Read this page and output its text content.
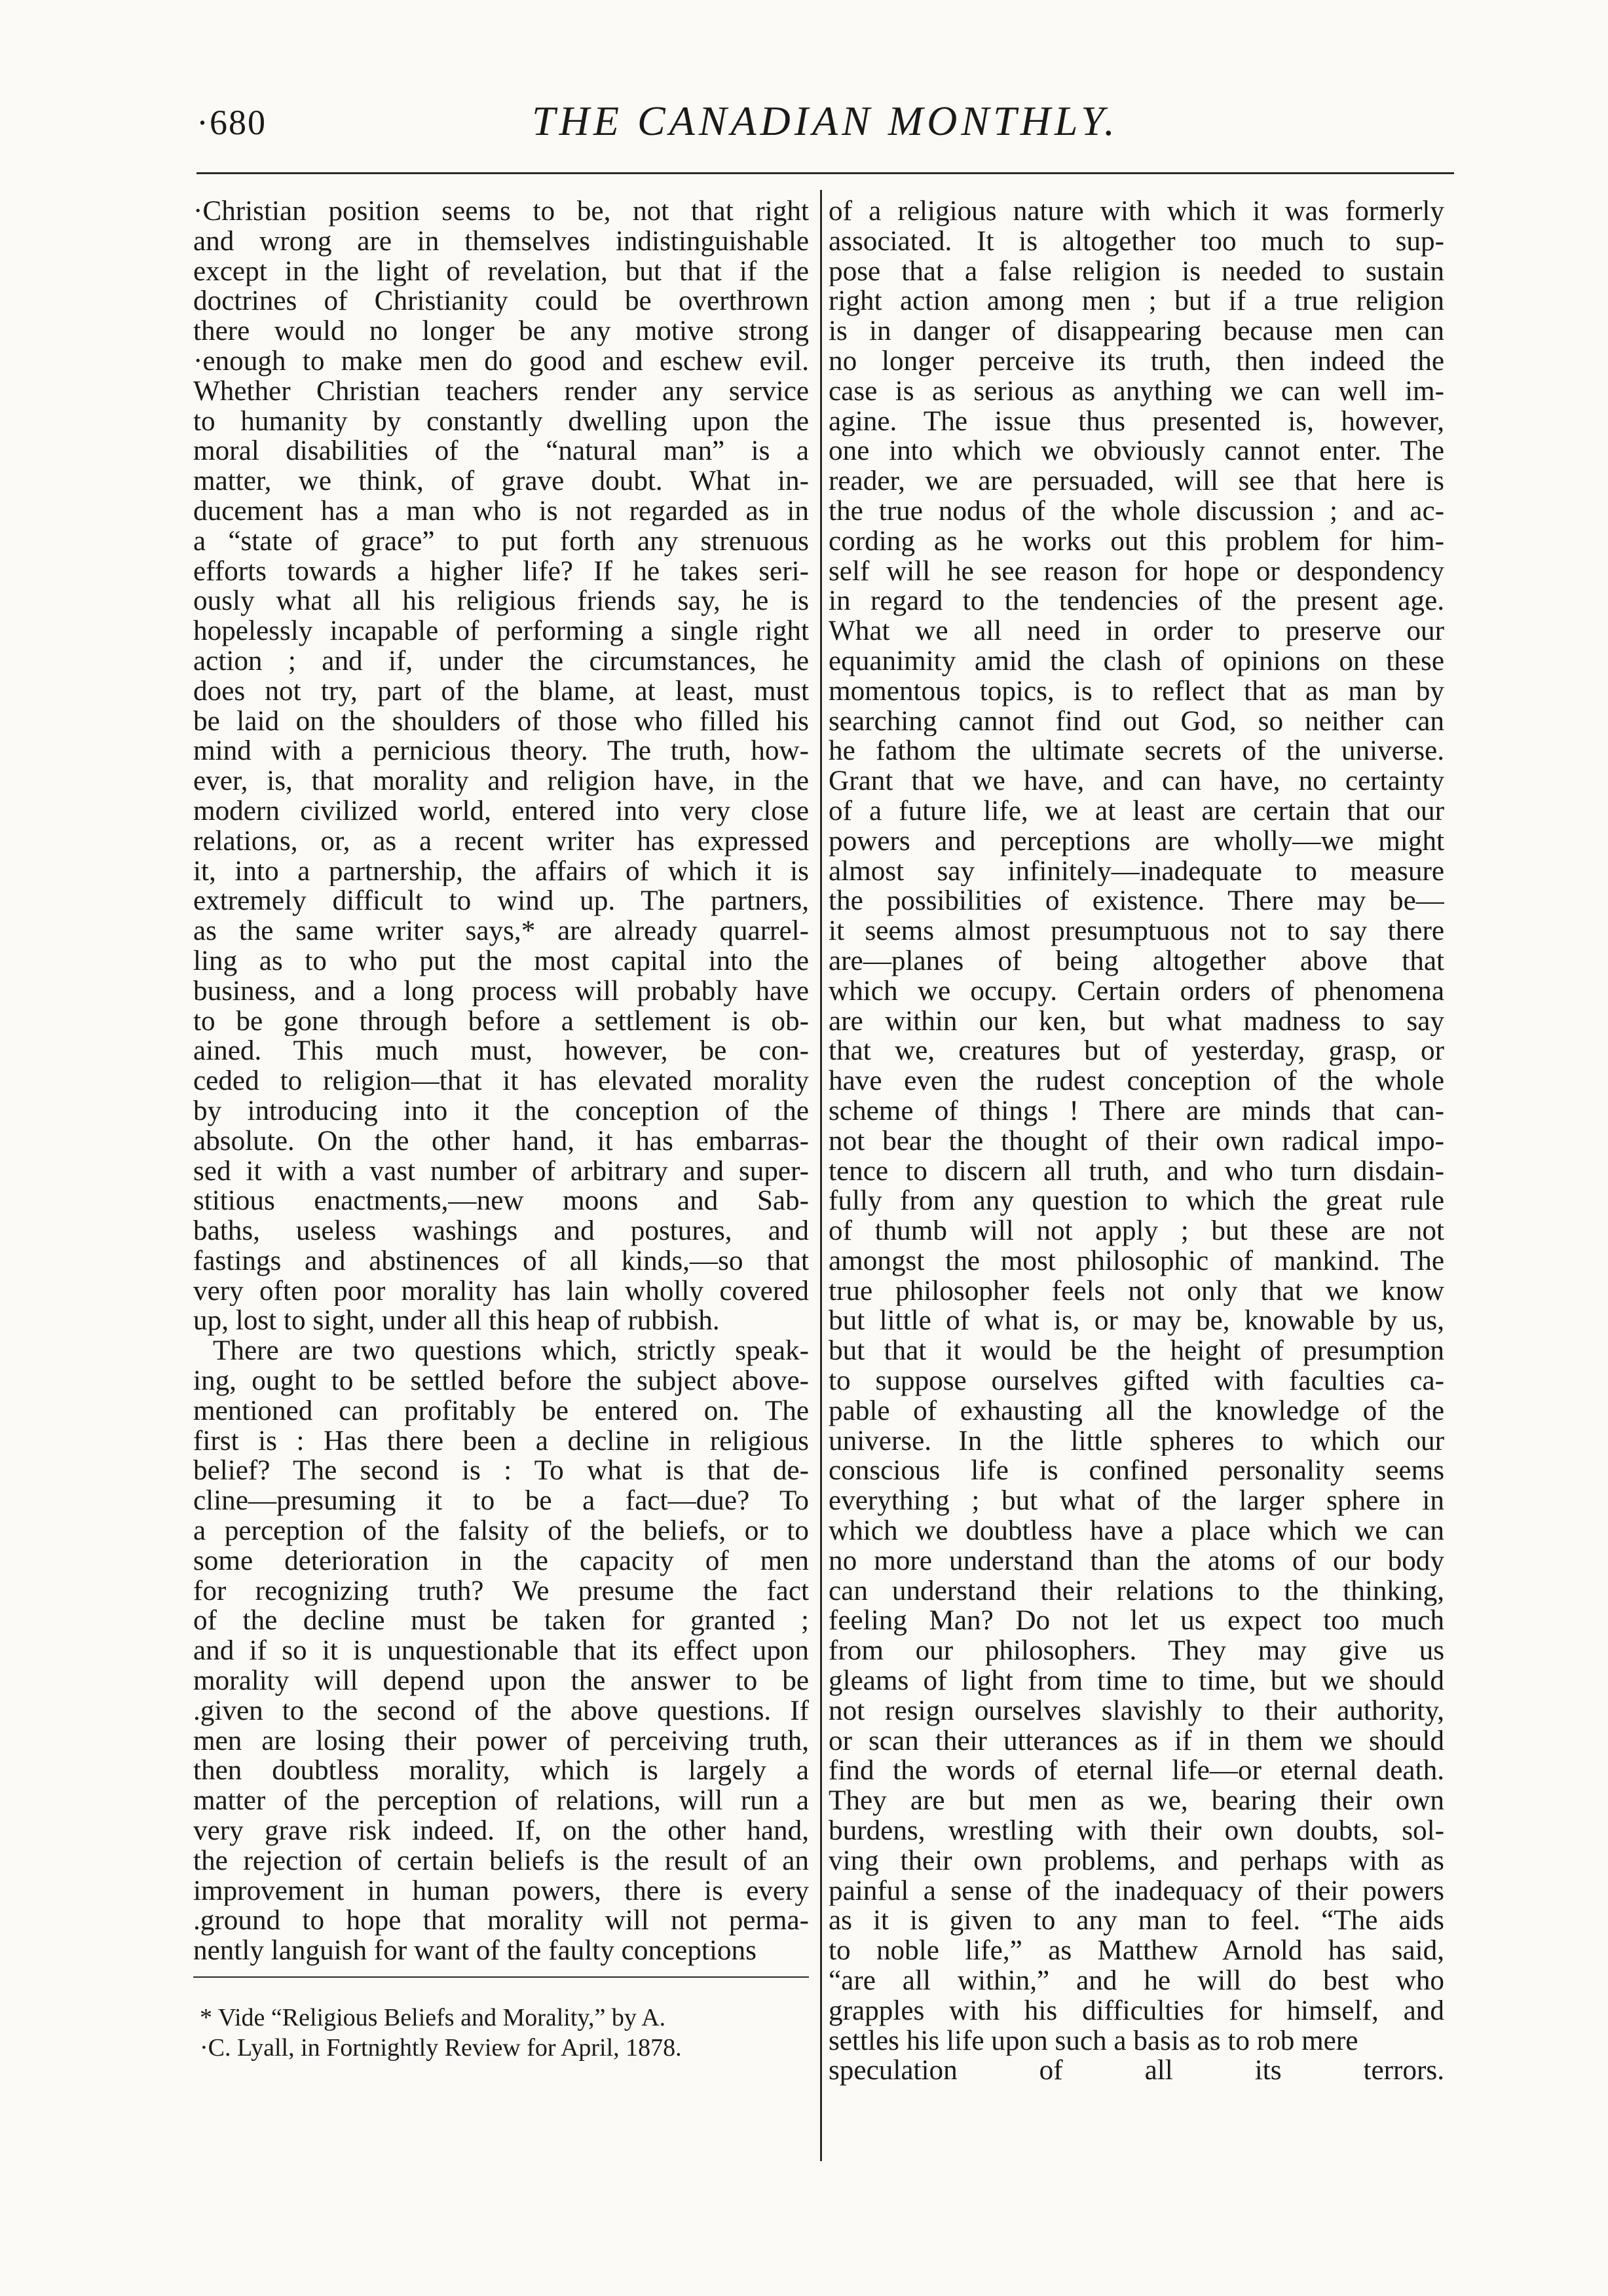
·680	THE CANADIAN MONTHLY.
·Christian position seems to be, not that right
and wrong are in themselves indistinguishable
except in the light of revelation, but that if the
doctrines of Christianity could be overthrown
there would no longer be any motive strong
·enough to make men do good and eschew evil.
Whether Christian teachers render any service
to humanity by constantly dwelling upon the
moral disabilities of the “natural man” is a
matter, we think, of grave doubt. What in-
ducement has a man who is not regarded as in
a “state of grace” to put forth any strenuous
efforts towards a higher life? If he takes seri-
ously what all his religious friends say, he is
hopelessly incapable of performing a single right
action ; and if, under the circumstances, he
does not try, part of the blame, at least, must
be laid on the shoulders of those who filled his
mind with a pernicious theory. The truth, how-
ever, is, that morality and religion have, in the
modern civilized world, entered into very close
relations, or, as a recent writer has expressed
it, into a partnership, the affairs of which it is
extremely difficult to wind up. The partners,
as the same writer says,* are already quarrel-
ling as to who put the most capital into the
business, and a long process will probably have
to be gone through before a settlement is ob-
ained. This much must, however, be con-
ceded to religion—that it has elevated morality
by introducing into it the conception of the
absolute. On the other hand, it has embarras-
sed it with a vast number of arbitrary and super-
stitious enactments,—new moons and Sab-
baths, useless washings and postures, and
fastings and abstinences of all kinds,—so that
very often poor morality has lain wholly covered
up, lost to sight, under all this heap of rubbish.
There are two questions which, strictly speak-
ing, ought to be settled before the subject above-
mentioned can profitably be entered on. The
first is : Has there been a decline in religious
belief? The second is : To what is that de-
cline—presuming it to be a fact—due? To
a perception of the falsity of the beliefs, or to
some deterioration in the capacity of men
for recognizing truth? We presume the fact
of the decline must be taken for granted ;
and if so it is unquestionable that its effect upon
morality will depend upon the answer to be
.given to the second of the above questions. If
men are losing their power of perceiving truth,
then doubtless morality, which is largely a
matter of the perception of relations, will run a
very grave risk indeed. If, on the other hand,
the rejection of certain beliefs is the result of an
improvement in human powers, there is every
.ground to hope that morality will not perma-
nently languish for want of the faulty conceptions
of a religious nature with which it was formerly
associated. It is altogether too much to sup-
pose that a false religion is needed to sustain
right action among men ; but if a true religion
is in danger of disappearing because men can
no longer perceive its truth, then indeed the
case is as serious as anything we can well im-
agine. The issue thus presented is, however,
one into which we obviously cannot enter. The
reader, we are persuaded, will see that here is
the true nodus of the whole discussion ; and ac-
cording as he works out this problem for him-
self will he see reason for hope or despondency
in regard to the tendencies of the present age.
What we all need in order to preserve our
equanimity amid the clash of opinions on these
momentous topics, is to reflect that as man by
searching cannot find out God, so neither can
he fathom the ultimate secrets of the universe.
Grant that we have, and can have, no certainty
of a future life, we at least are certain that our
powers and perceptions are wholly—we might
almost say infinitely—inadequate to measure
the possibilities of existence. There may be—
it seems almost presumptuous not to say there
are—planes of being altogether above that
which we occupy. Certain orders of phenomena
are within our ken, but what madness to say
that we, creatures but of yesterday, grasp, or
have even the rudest conception of the whole
scheme of things ! There are minds that can-
not bear the thought of their own radical impo-
tence to discern all truth, and who turn disdain-
fully from any question to which the great rule
of thumb will not apply ; but these are not
amongst the most philosophic of mankind. The
true philosopher feels not only that we know
but little of what is, or may be, knowable by us,
but that it would be the height of presumption
to suppose ourselves gifted with faculties ca-
pable of exhausting all the knowledge of the
universe. In the little spheres to which our
conscious life is confined personality seems
everything ; but what of the larger sphere in
which we doubtless have a place which we can
no more understand than the atoms of our body
can understand their relations to the thinking,
feeling Man? Do not let us expect too much
from our philosophers. They may give us
gleams of light from time to time, but we should
not resign ourselves slavishly to their authority,
or scan their utterances as if in them we should
find the words of eternal life—or eternal death.
They are but men as we, bearing their own
burdens, wrestling with their own doubts, sol-
ving their own problems, and perhaps with as
painful a sense of the inadequacy of their powers
as it is given to any man to feel. “The aids
to noble life,” as Matthew Arnold has said,
“are all within,” and he will do best who
grapples with his difficulties for himself, and
settles his life upon such a basis as to rob mere
speculation of all its terrors.
* Vide “Religious Beliefs and Morality,” by A.
·C. Lyall, in Fortnightly Review for April, 1878.
